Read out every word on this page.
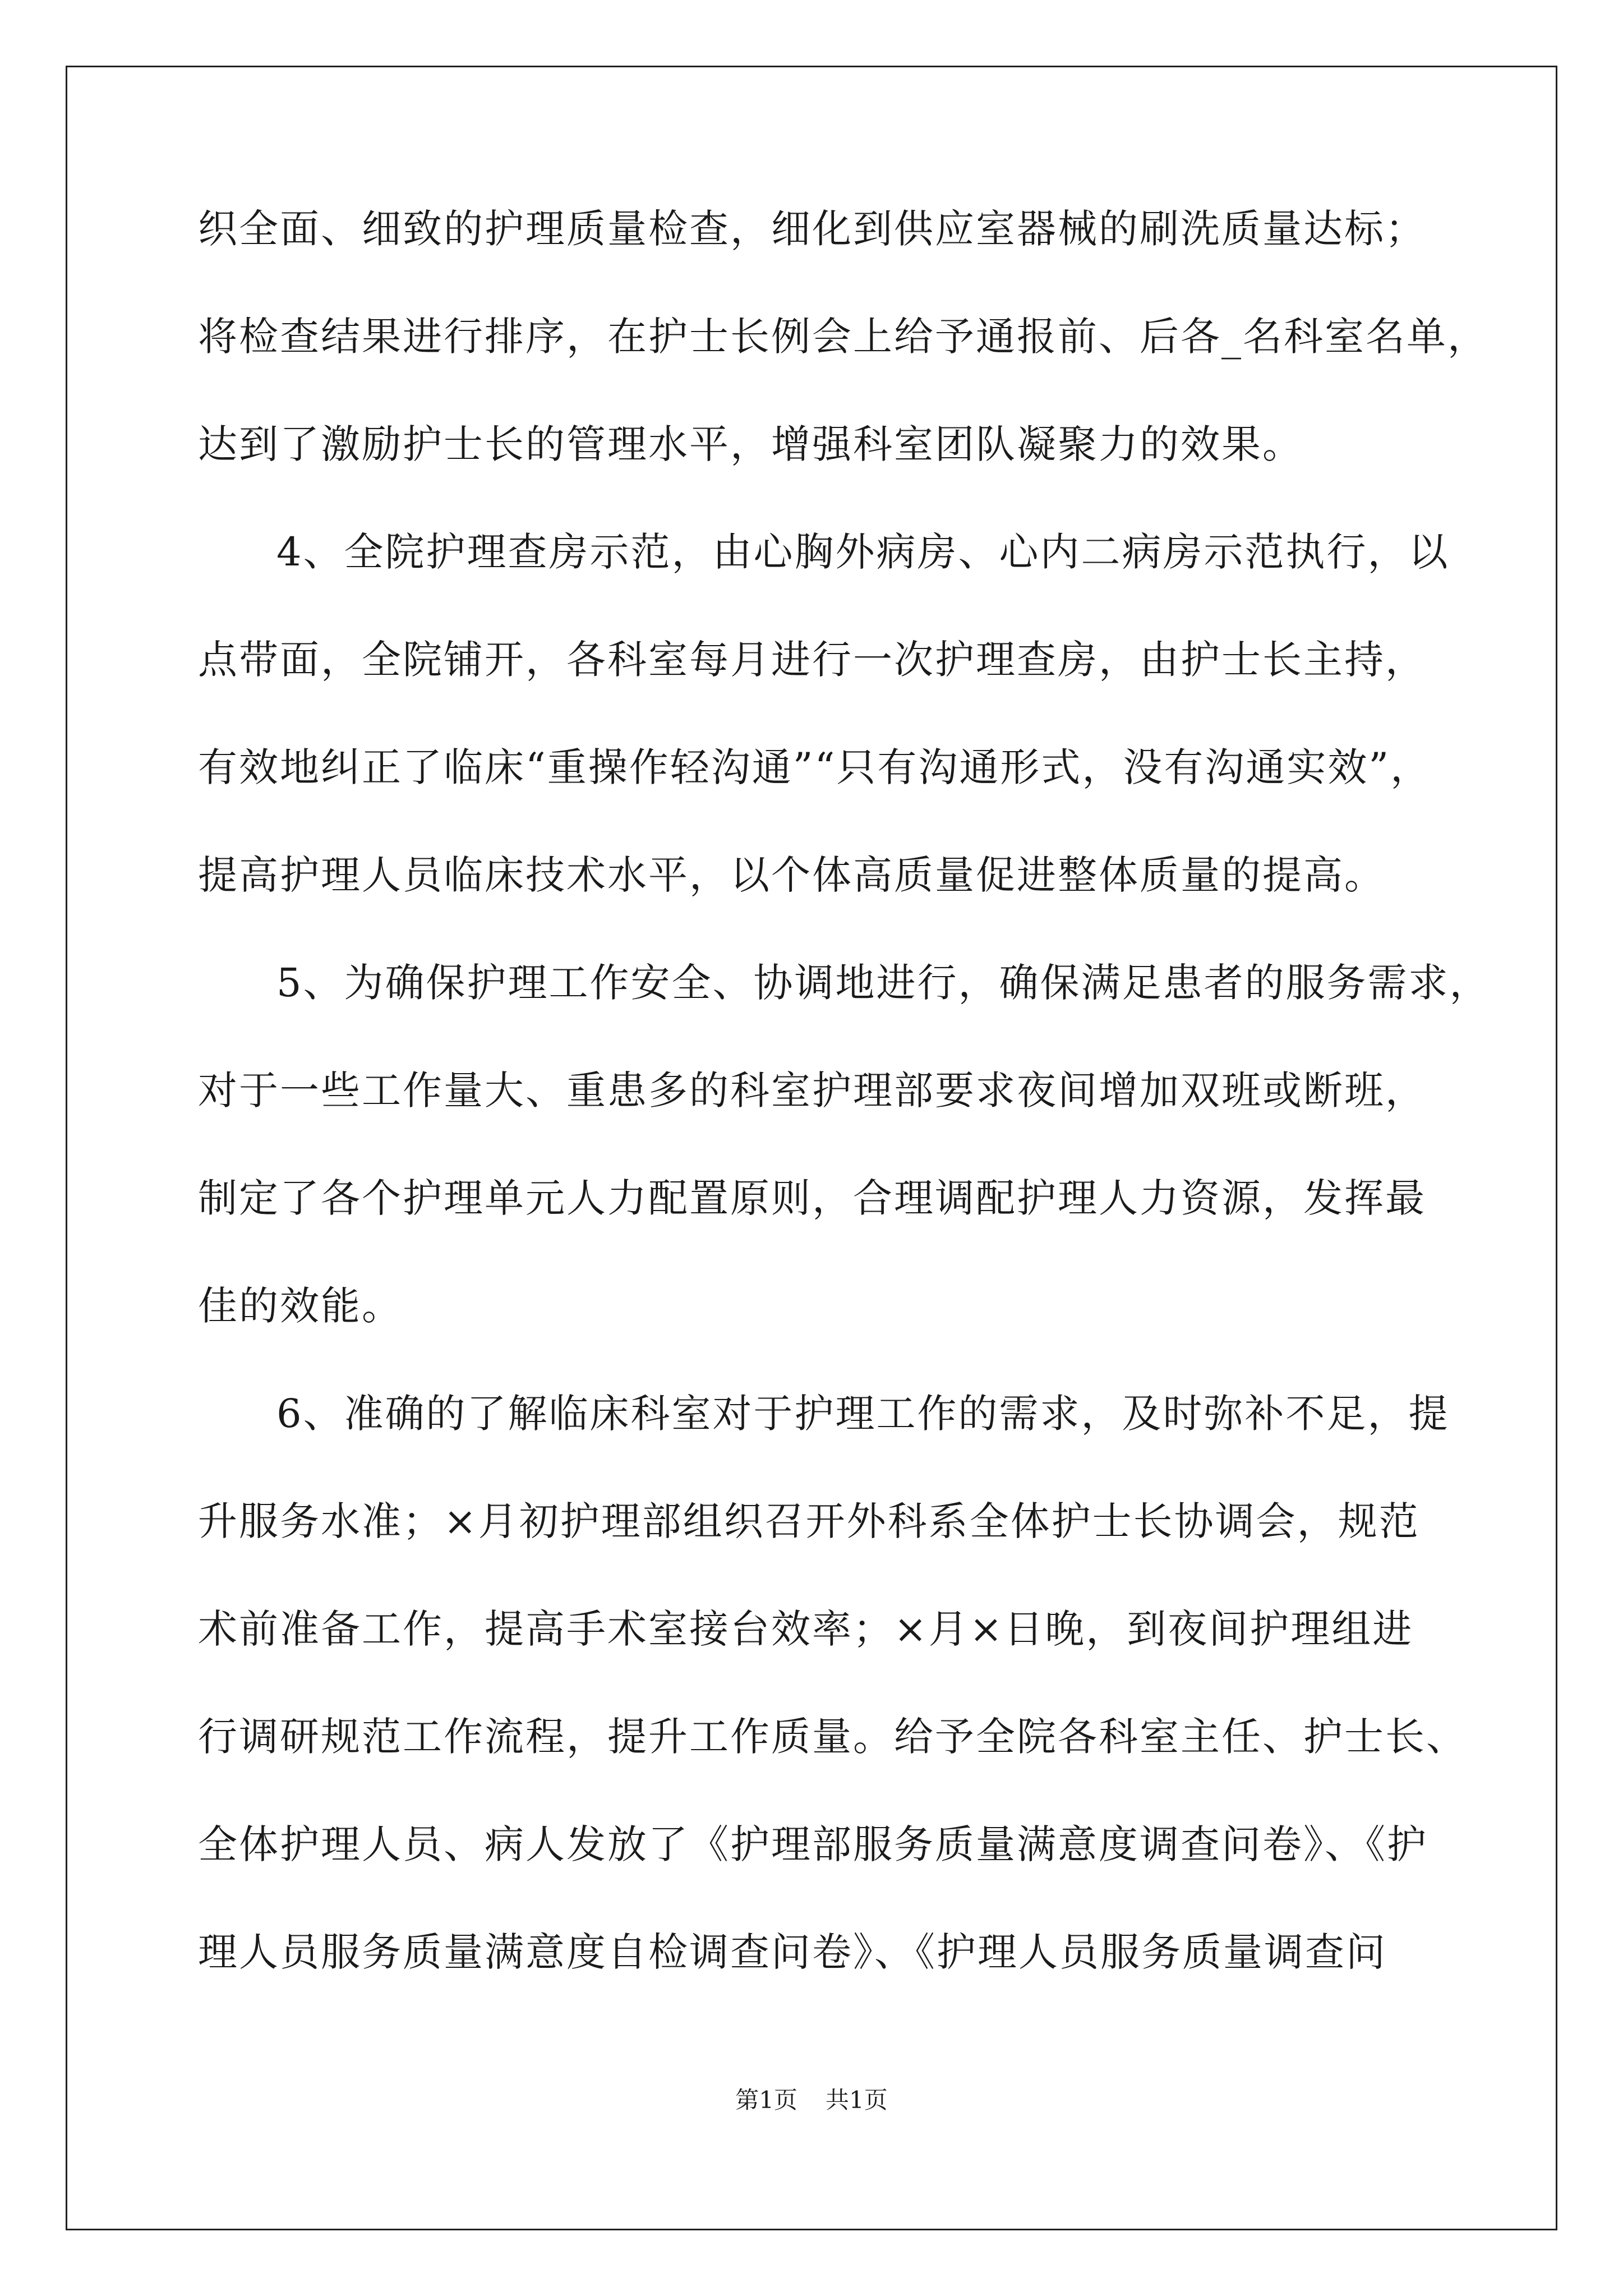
织全面、细致的护理质量检查，细化到供应室器械的刷洗质量达标；
将检查结果进行排序，在护士长例会上给予通报前、后各_名科室名单，
达到了激励护士长的管理水平，增强科室团队凝聚力的效果。
4、全院护理查房示范，由心胸外病房、心内二病房示范执行，以
点带面，全院铺开，各科室每月进行一次护理查房，由护士长主持，
有效地纠正了临床“重操作轻沟通”“只有沟通形式，没有沟通实效”，
提高护理人员临床技术水平，以个体高质量促进整体质量的提高。
5、为确保护理工作安全、协调地进行，确保满足患者的服务需求，
对于一些工作量大、重患多的科室护理部要求夜间增加双班或断班，
制定了各个护理单元人力配置原则，合理调配护理人力资源，发挥最
佳的效能。
6、准确的了解临床科室对于护理工作的需求，及时弥补不足，提
升服务水准；×月初护理部组织召开外科系全体护士长协调会，规范
术前准备工作，提高手术室接台效率；×月×日晚，到夜间护理组进
行调研规范工作流程，提升工作质量。给予全院各科室主任、护士长、
全体护理人员、病人发放了《护理部服务质量满意度调查问卷》、《护
理人员服务质量满意度自检调查问卷》、《护理人员服务质量调查问
第1页 共1页
